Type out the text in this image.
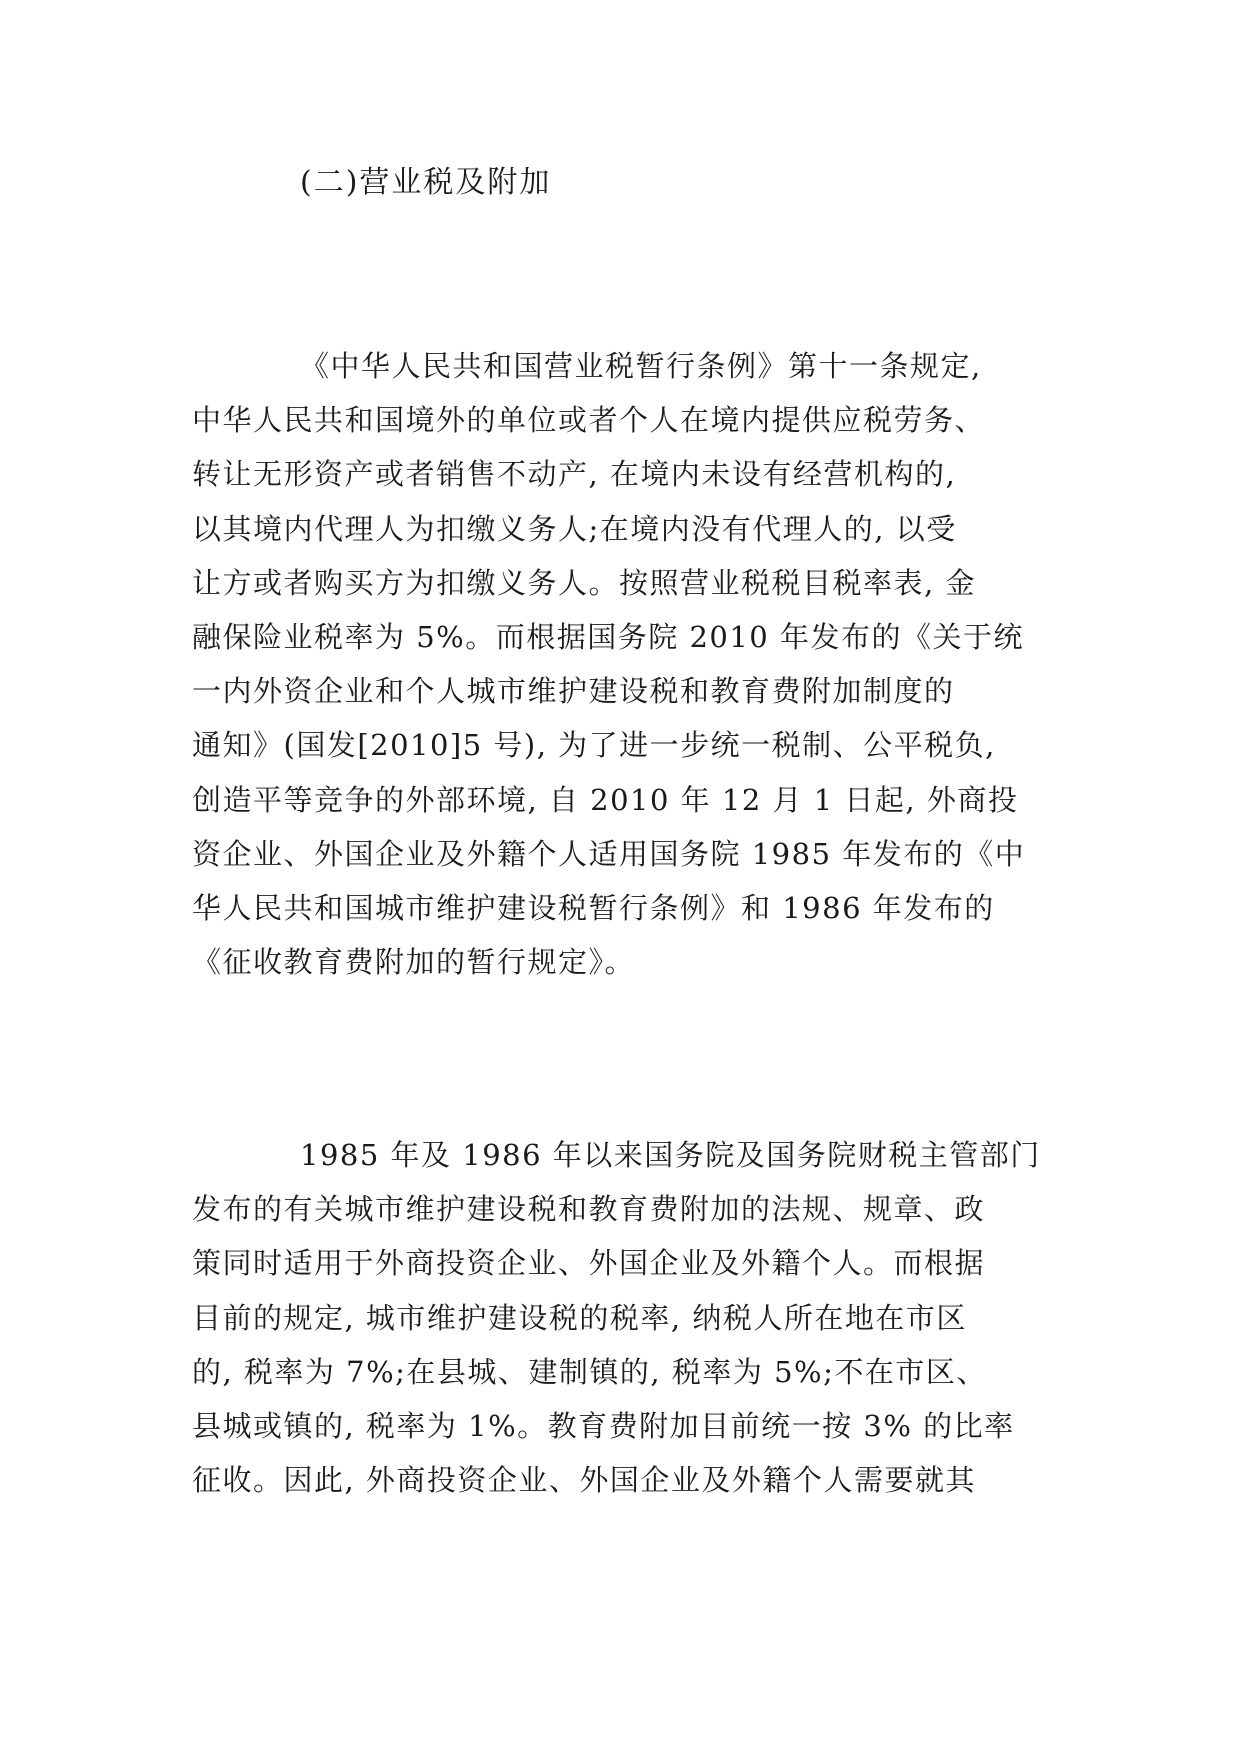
(二)营业税及附加
《中华人民共和国营业税暂行条例》第十一条规定,
中华人民共和国境外的单位或者个人在境内提供应税劳务、
转让无形资产或者销售不动产, 在境内未设有经营机构的,
以其境内代理人为扣缴义务人;在境内没有代理人的, 以受
让方或者购买方为扣缴义务人。按照营业税税目税率表, 金
融保险业税率为 5%。而根据国务院 2010 年发布的《关于统
一内外资企业和个人城市维护建设税和教育费附加制度的
通知》(国发[2010]5 号), 为了进一步统一税制、公平税负,
创造平等竞争的外部环境, 自 2010 年 12 月 1 日起, 外商投
资企业、外国企业及外籍个人适用国务院 1985 年发布的《中
华人民共和国城市维护建设税暂行条例》和 1986 年发布的
《征收教育费附加的暂行规定》。
1985 年及 1986 年以来国务院及国务院财税主管部门
发布的有关城市维护建设税和教育费附加的法规、规章、政
策同时适用于外商投资企业、外国企业及外籍个人。而根据
目前的规定, 城市维护建设税的税率, 纳税人所在地在市区
的, 税率为 7%;在县城、建制镇的, 税率为 5%;不在市区、
县城或镇的, 税率为 1%。教育费附加目前统一按 3% 的比率
征收。因此, 外商投资企业、外国企业及外籍个人需要就其
